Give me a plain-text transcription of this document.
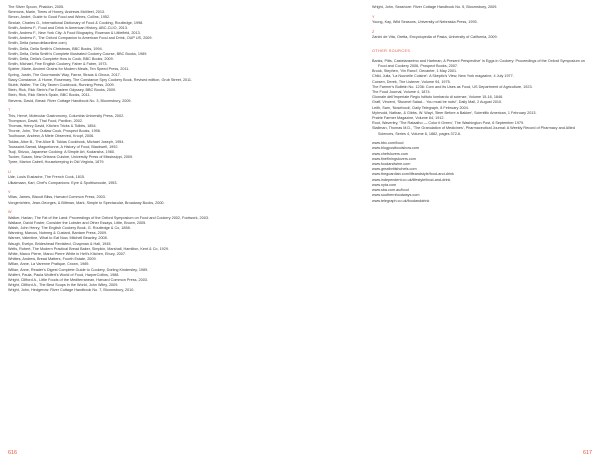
The Silver Spoon, Phaidon, 2005.
Simmons, Marie, Times of Honey, Andrews McMeel, 2013.
Simon, André, Guide to Good Food and Wines, Collins, 1952.
Sinclair, Charles G., International Dictionary of Food & Cooking, Routledge, 1998.
Smith, Andrew F., Food and Drink in American History, ABC-CLIO, 2013.
Smith, Andrew F., New York City: A Food Biography, Rowman & Littlefield, 2013.
Smith, Andrew F., The Oxford Companion to American Food and Drink, OUP US, 2009.
Smith, Delia (www.deliaonline.com)
Smith, Delia, Delia Smith's Christmas, BBC Books, 1994.
Smith, Delia, Delia Smith's Complete Illustrated Cookery Course, BBC Books, 1989.
Smith, Delia, Delia's Complete How to Cook, BBC Books, 2009.
Smith, Michael, Fine English Cookery, Faber & Faber, 1973.
Spieler, Marie, Ancient Grains for Modern Meals, Ten Speed Press, 2011.
Spring, Justin, The Gourmands' Way, Farrar, Straus & Giroux, 2017.
Stacy Constance, & Hume, Rosemary, The Constance Spry Cookery Book, Revised edition, Grub Street, 2011.
Stubb, Walter, The City Tavern Cookbook, Running Press, 2009.
Stein, Rick, Rick Stein's Far Eastern Odyssey, BBC Books, 2009.
Stein, Rick, Rick Stein's Spain, BBC Books, 2011.
Stevens, David, Bread: River Cottage Handbook No. 3, Bloomsbury, 2009.
T
This, Hervé, Molecular Gastronomy, Columbia University Press, 2002.
Thompson, David, Thai Food, Pavilion, 2002.
Thomas, Henry David, Kitchen Tricks & Tidbits, 1854.
Thorne, John, The Outlaw Cook, Prospect Books, 1996.
Toulhouse, Andrew, A Miele Observed, Knopf, 2006.
Toklas, Alice B., The Alice B. Toklas Cookbook, Michael Joseph, 1954.
Toussaint-Samat, Maguelonne, A History of Food, Blackwell, 1992.
Tsuji, Shizuo, Japanese Cooking: A Simple Art, Kodansha, 1980.
Tucker, Susan, New Orleans Cuisine, University Press of Mississippi, 2009.
Tyree, Marion Cabell, Housekeeping in Old Virginia, 1879.
U
Ude, Louis Eustache, The French Cook, 1815.
Ulkaimaan, Karl, Chef's Companions: Eyre & Spottiswoode, 1953.
V
Villas, James, Biscuit Bliss, Harvard Common Press, 2003.
Vongerichten, Jean-Georges, & Bittman, Mark, Simple to Spectacular, Broadway Books, 2000.
W
Walker, Harlan, The Fat of the Land: Proceedings of the Oxford Symposium on Food and Cookery 2002, Footwork, 2003.
Wallace, David Foster, Consider the Lobster and Other Essays, Little, Brown, 2005.
Walsh, John Henry, The English Cookery Book, G. Routledge & Co, 1858.
Wanning, Marcus, Nutmeg & Custard, Bantam Press, 2009.
Warner, Valentine, What to Eat Now, Mitchell Beazley, 2008.
Waugh, Evelyn, Brideshead Revisited, Chapman & Hall, 1945.
Wells, Robert, The Modern Practical Bread Baker, Simpkin, Marshall, Hamilton, Kent & Co, 1929.
White, Marco Pierre, Marco Pierre White in Hell's Kitchen, Ebury, 2007.
Whittes, Andrew, Bread Matters, Fourth Estate, 2009.
Willan, Anne, La Varenne Pratique, Crown, 1989.
Willan, Anne, Reader's Digest Complete Guide to Cookery, Dorling Kindersley, 1989.
Wolfert, Paula, Paula Wolfert's World of Food, HarperCollins, 1988.
Wright, Clifford A., Little Foods of the Mediterranean, Harvard Common Press, 2003.
Wright, Clifford A., The Best Soups in the World, John Wiley, 2009.
Wright, John, Hedgerow: River Cottage Handbook No. 7, Bloomsbury, 2010.
616
Wright, John, Seashore: River Cottage Handbook No. 5, Bloomsbury, 2009.
Y
Young, Kay, Wild Seasons, University of Nebraska Press, 1993.
Z
Zanini de Vita, Oretta, Encyclopedia of Pasta, University of California, 2009.
OTHER SOURCES
Banks, Pitts, Castelanselmo and Hartman, A Present Perspective' in Eggs in Cookery: Proceedings of the Oxford Symposium on Food and Cookery 2006, Prospect Books, 2007.
Brook, Stephen, 'Vin Ranci', Decanter, 1 May 2001.
Child, Julia, 'La Nouvelle Cuisine': A Skeptic's View, New York magazine, 4 July 1977.
Coxsen, Derek, The Listener, Volume 94, 1975.
The Farmer's Bulletin No. 1236: Corn and its Uses as Food, US Department of Agriculture, 1923.
The Food Journal, Volume 4, 1874.
Giornale dell'Imperiale Regio Istituto lombardo di scienze, Volume 15-16, 1846.
Graff, Vincent, 'Stuumel Salad... You must be nuts!', Daily Mail, 2 August 2010.
Leith, Sam, 'Nosebook', Daily Telegraph, 8 February 2004.
Myhrvold, Nathan, & Gibbs, W. Wayt, 'Beer Before a Bakker', Scientific American, 1 February 2013.
Prairie Farmer Magazine, Volume 64, 1912.
Root, Waverley, 'The Rataalho — Color it Green', The Washington Post, 6 September 1979.
Stallman, Thomas M.D., 'The Granulation of Medicines', Pharmaceutical Journal: A Weekly Record of Pharmacy and Allied Sciences, Series 4, Volume 6, 1882, pages 372-6.
www.bbc.com/food
www.blogpostfoodshow.com
www.chefslovers.com
www.finefiningslovers.com
www.foodandwine.com
www.greatbritishchefs.com
www.theguardian.com/lifeandstyle/food-and-drink
www.independent.co.uk/lifestyle/food-and-drink
www.nyta.com
www.sba.com.au/food
www.southernfoodways.com
www.telegraph.co.uk/foodanddrink
617
